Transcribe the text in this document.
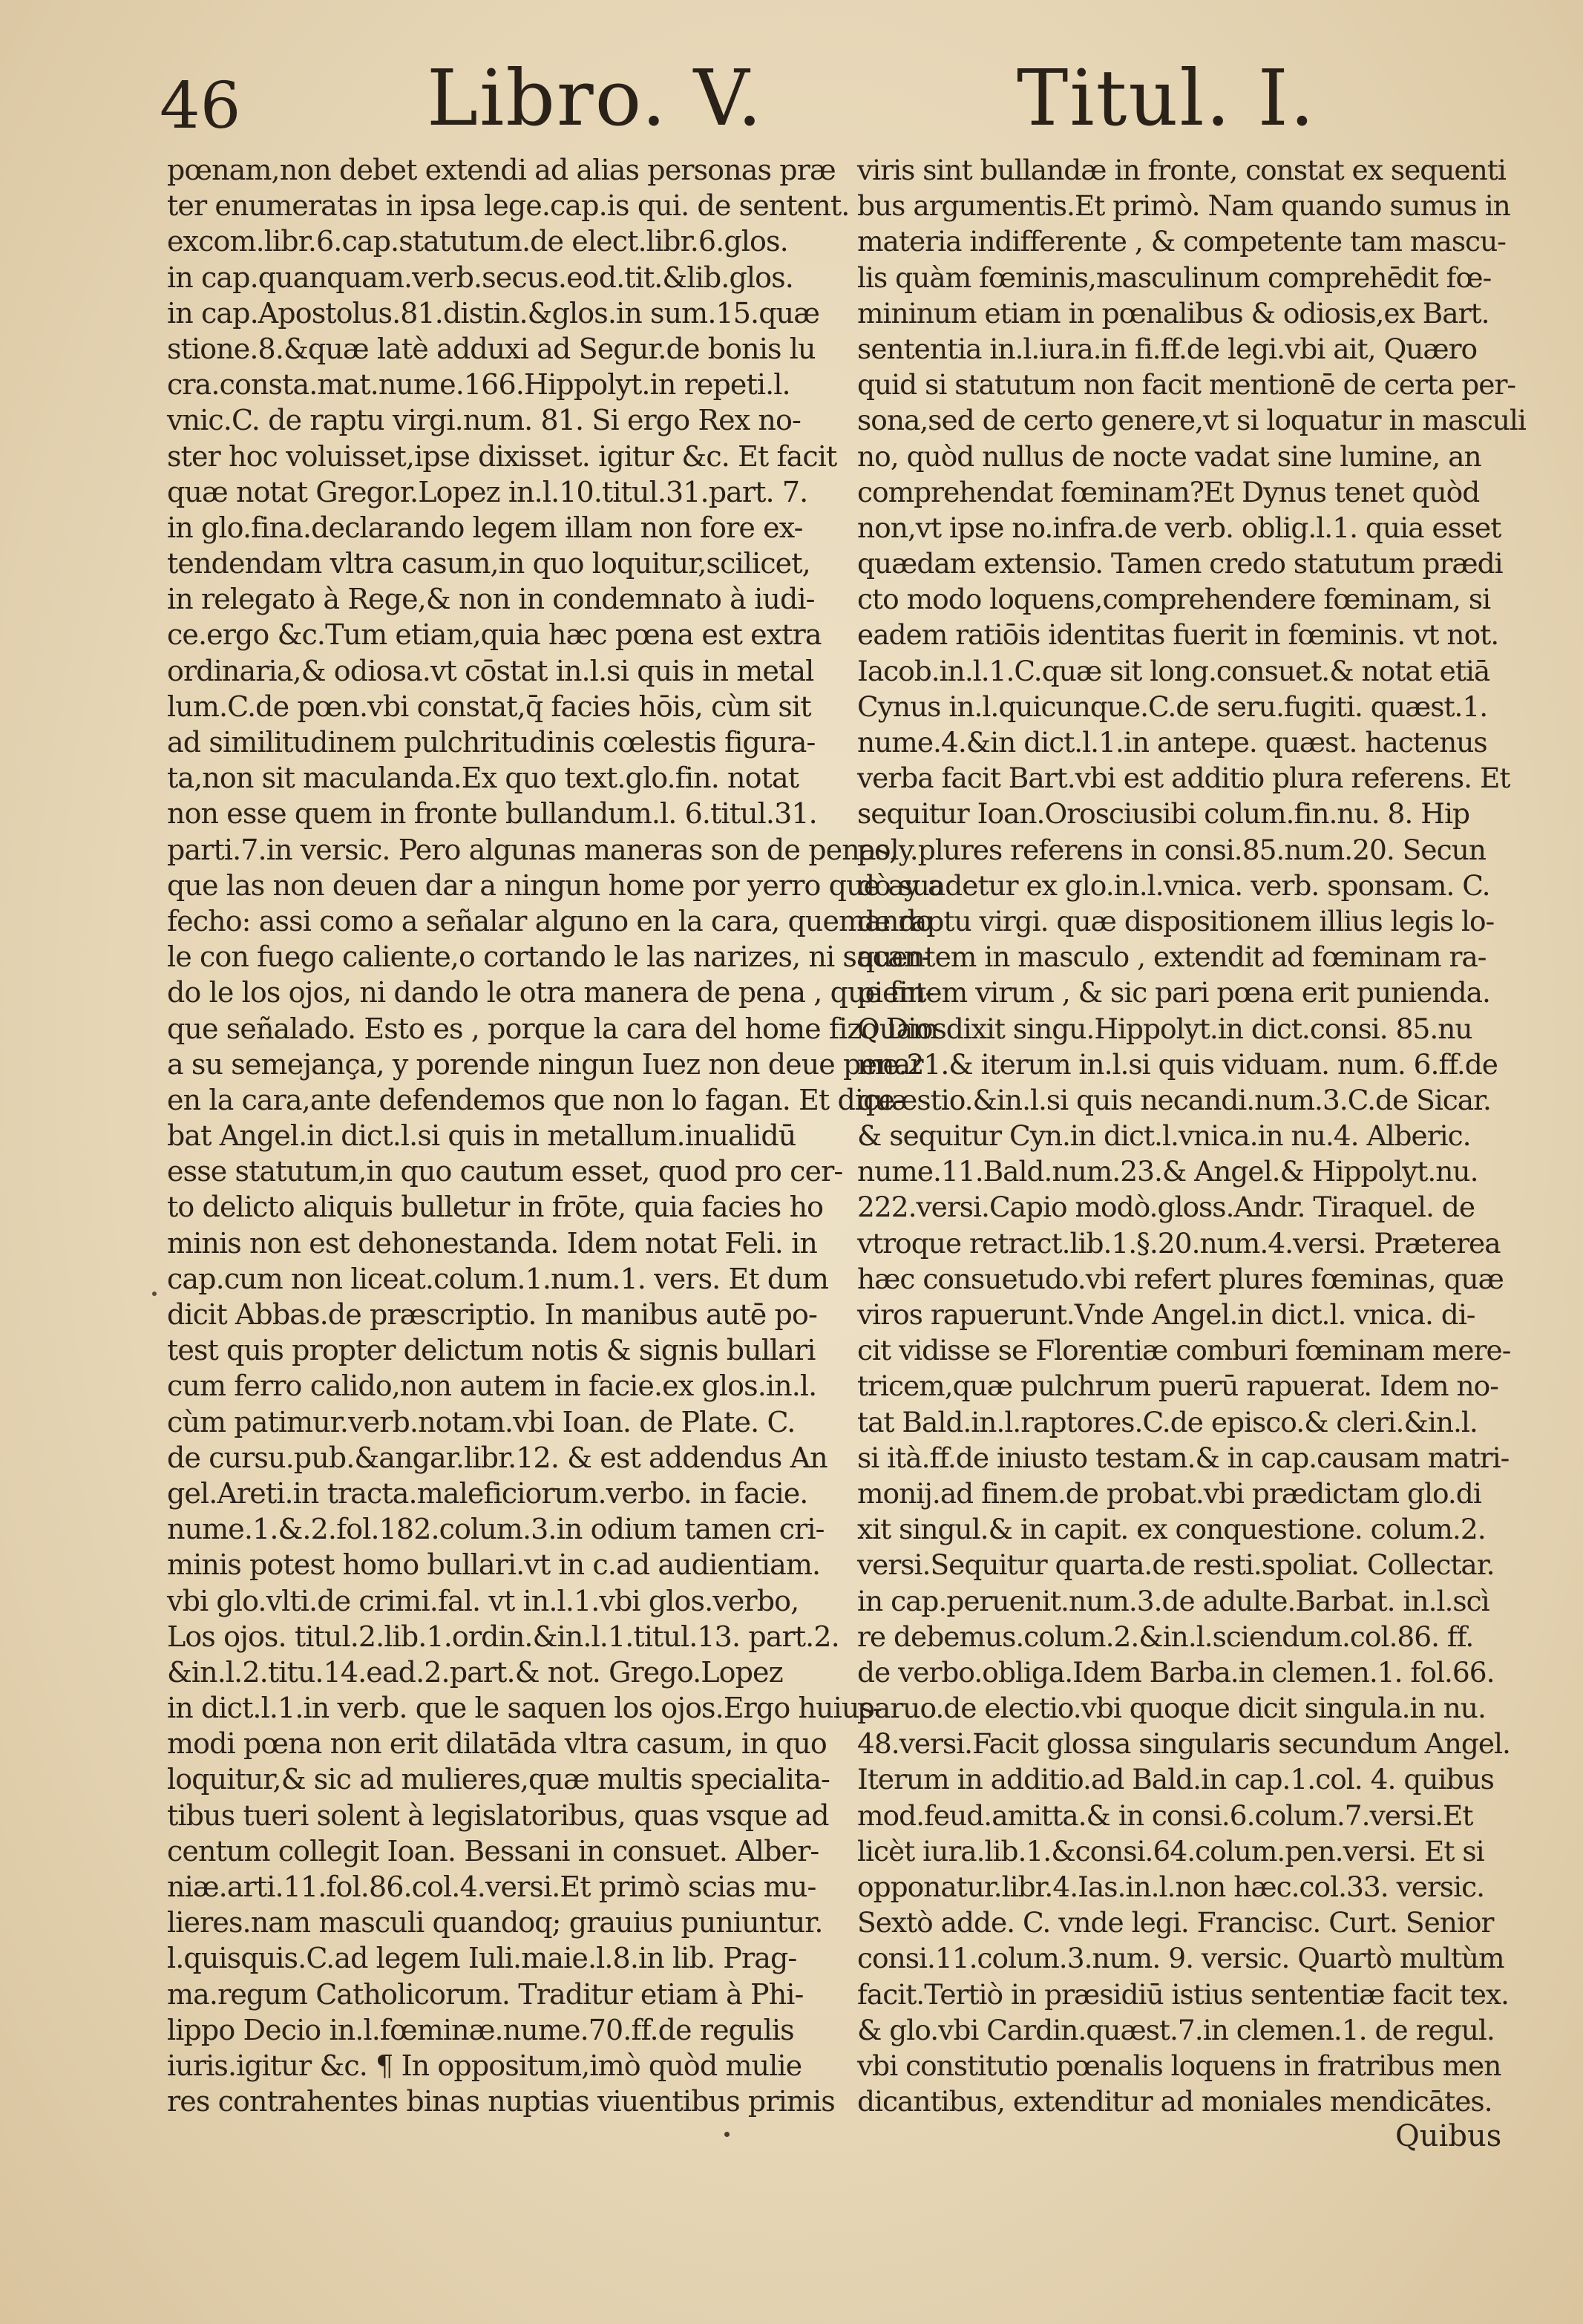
46 Libro. V.	Titul. I.
pœnam,non debet extendi ad alias personas præ
ter enumeratas in ipsa lege.cap.is qui. de sentent.
excom.libr.6.cap.statutum.de elect.libr.6.glos.
in cap.quanquam.verb.secus.eod.tit.&lib.glos.
in cap.Apostolus.81.distin.&glos.in sum.15.quæ
stione.8.&quæ latè adduxi ad Segur.de bonis lu
cra.consta.mat.nume.166.Hippolyt.in repeti.l.
vnic.C. de raptu virgi.num. 81. Si ergo Rex no-
ster hoc voluisset,ipse dixisset. igitur &c. Et facit
quæ notat Gregor.Lopez in.l.10.titul.31.part. 7.
in glo.fina.declarando legem illam non fore ex-
tendendam vltra casum,in quo loquitur,scilicet,
in relegato à Rege,& non in condemnato à iudi-
ce.ergo &c.Tum etiam,quia hæc pœna est extra
ordinaria,& odiosa.vt cōstat in.l.si quis in metal
lum.C.de pœn.vbi constat,q̄ facies hōis, cùm sit
ad similitudinem pulchritudinis cœlestis figura-
ta,non sit maculanda.Ex quo text.glo.fin. notat
non esse quem in fronte bullandum.l. 6.titul.31.
parti.7.in versic. Pero algunas maneras son de penas,
que las non deuen dar a ningun home por yerro que ay a
fecho: assi como a señalar alguno en la cara, quemando
le con fuego caliente,o cortando le las narizes, ni sacan-
do le los ojos, ni dando le otra manera de pena , que fin-
que señalado. Esto es , porque la cara del home fizo Dios
a su semejança, y porende ningun Iuez non deue penar
en la cara,ante defendemos que non lo fagan. Et dice-
bat Angel.in dict.l.si quis in metallum.inualidū
esse statutum,in quo cautum esset, quod pro cer-
to delicto aliquis bulletur in frōte, quia facies ho
minis non est dehonestanda. Idem notat Feli. in
cap.cum non liceat.colum.1.num.1. vers. Et dum
dicit Abbas.de præscriptio. In manibus autē po-
test quis propter delictum notis & signis bullari
cum ferro calido,non autem in facie.ex glos.in.l.
cùm patimur.verb.notam.vbi Ioan. de Plate. C.
de cursu.pub.&angar.libr.12. & est addendus An
gel.Areti.in tracta.maleficiorum.verbo. in facie.
nume.1.&.2.fol.182.colum.3.in odium tamen cri-
minis potest homo bullari.vt in c.ad audientiam.
vbi glo.vlti.de crimi.fal. vt in.l.1.vbi glos.verbo,
Los ojos. titul.2.lib.1.ordin.&in.l.1.titul.13. part.2.
&in.l.2.titu.14.ead.2.part.& not. Grego.Lopez
in dict.l.1.in verb. que le saquen los ojos.Ergo huius-
modi pœna non erit dilatāda vltra casum, in quo
loquitur,& sic ad mulieres,quæ multis specialita-
tibus tueri solent à legislatoribus, quas vsque ad
centum collegit Ioan. Bessani in consuet. Alber-
niæ.arti.11.fol.86.col.4.versi.Et primò scias mu-
lieres.nam masculi quandoq; grauius puniuntur.
l.quisquis.C.ad legem Iuli.maie.l.8.in lib. Prag-
ma.regum Catholicorum. Traditur etiam à Phi-
lippo Decio in.l.fœminæ.nume.70.ff.de regulis
iuris.igitur &c. ¶ In oppositum,imò quòd mulie
res contrahentes binas nuptias viuentibus primis
viris sint bullandæ in fronte, constat ex sequenti
bus argumentis.Et primò. Nam quando sumus in
materia indifferente , & competente tam mascu-
lis quàm fœminis,masculinum comprehēdit fœ-
mininum etiam in pœnalibus & odiosis,ex Bart.
sententia in.l.iura.in fi.ff.de legi.vbi ait, Quæro
quid si statutum non facit mentionē de certa per-
sona,sed de certo genere,vt si loquatur in masculi
no, quòd nullus de nocte vadat sine lumine, an
comprehendat fœminam?Et Dynus tenet quòd
non,vt ipse no.infra.de verb. oblig.l.1. quia esset
quædam extensio. Tamen credo statutum prædi
cto modo loquens,comprehendere fœminam, si
eadem ratiōis identitas fuerit in fœminis. vt not.
Iacob.in.l.1.C.quæ sit long.consuet.& notat etiā
Cynus in.l.quicunque.C.de seru.fugiti. quæst.1.
nume.4.&in dict.l.1.in antepe. quæst. hactenus
verba facit Bart.vbi est additio plura referens. Et
sequitur Ioan.Orosciusibi colum.fin.nu. 8. Hip
poly.plures referens in consi.85.num.20. Secun
dò suadetur ex glo.in.l.vnica. verb. sponsam. C.
de raptu virgi. quæ dispositionem illius legis lo-
quentem in masculo , extendit ad fœminam ra-
pientem virum , & sic pari pœna erit punienda.
Quam dixit singu.Hippolyt.in dict.consi. 85.nu
me.21.& iterum in.l.si quis viduam. num. 6.ff.de
quæstio.&in.l.si quis necandi.num.3.C.de Sicar.
& sequitur Cyn.in dict.l.vnica.in nu.4. Alberic.
nume.11.Bald.num.23.& Angel.& Hippolyt.nu.
222.versi.Capio modò.gloss.Andr. Tiraquel. de
vtroque retract.lib.1.§.20.num.4.versi. Præterea
hæc consuetudo.vbi refert plures fœminas, quæ
viros rapuerunt.Vnde Angel.in dict.l. vnica. di-
cit vidisse se Florentiæ comburi fœminam mere-
tricem,quæ pulchrum puerū rapuerat. Idem no-
tat Bald.in.l.raptores.C.de episco.& cleri.&in.l.
si ità.ff.de iniusto testam.& in cap.causam matri-
monij.ad finem.de probat.vbi prædictam glo.di
xit singul.& in capit. ex conquestione. colum.2.
versi.Sequitur quarta.de resti.spoliat. Collectar.
in cap.peruenit.num.3.de adulte.Barbat. in.l.scì
re debemus.colum.2.&in.l.sciendum.col.86. ff.
de verbo.obliga.Idem Barba.in clemen.1. fol.66.
paruo.de electio.vbi quoque dicit singula.in nu.
48.versi.Facit glossa singularis secundum Angel.
Iterum in additio.ad Bald.in cap.1.col. 4. quibus
mod.feud.amitta.& in consi.6.colum.7.versi.Et
licèt iura.lib.1.&consi.64.colum.pen.versi. Et si
opponatur.libr.4.Ias.in.l.non hæc.col.33. versic.
Sextò adde. C. vnde legi. Francisc. Curt. Senior
consi.11.colum.3.num. 9. versic. Quartò multùm
facit.Tertiò in præsidiū istius sententiæ facit tex.
& glo.vbi Cardin.quæst.7.in clemen.1. de regul.
vbi constitutio pœnalis loquens in fratribus men
dicantibus, extenditur ad moniales mendicātes.
Quibus
